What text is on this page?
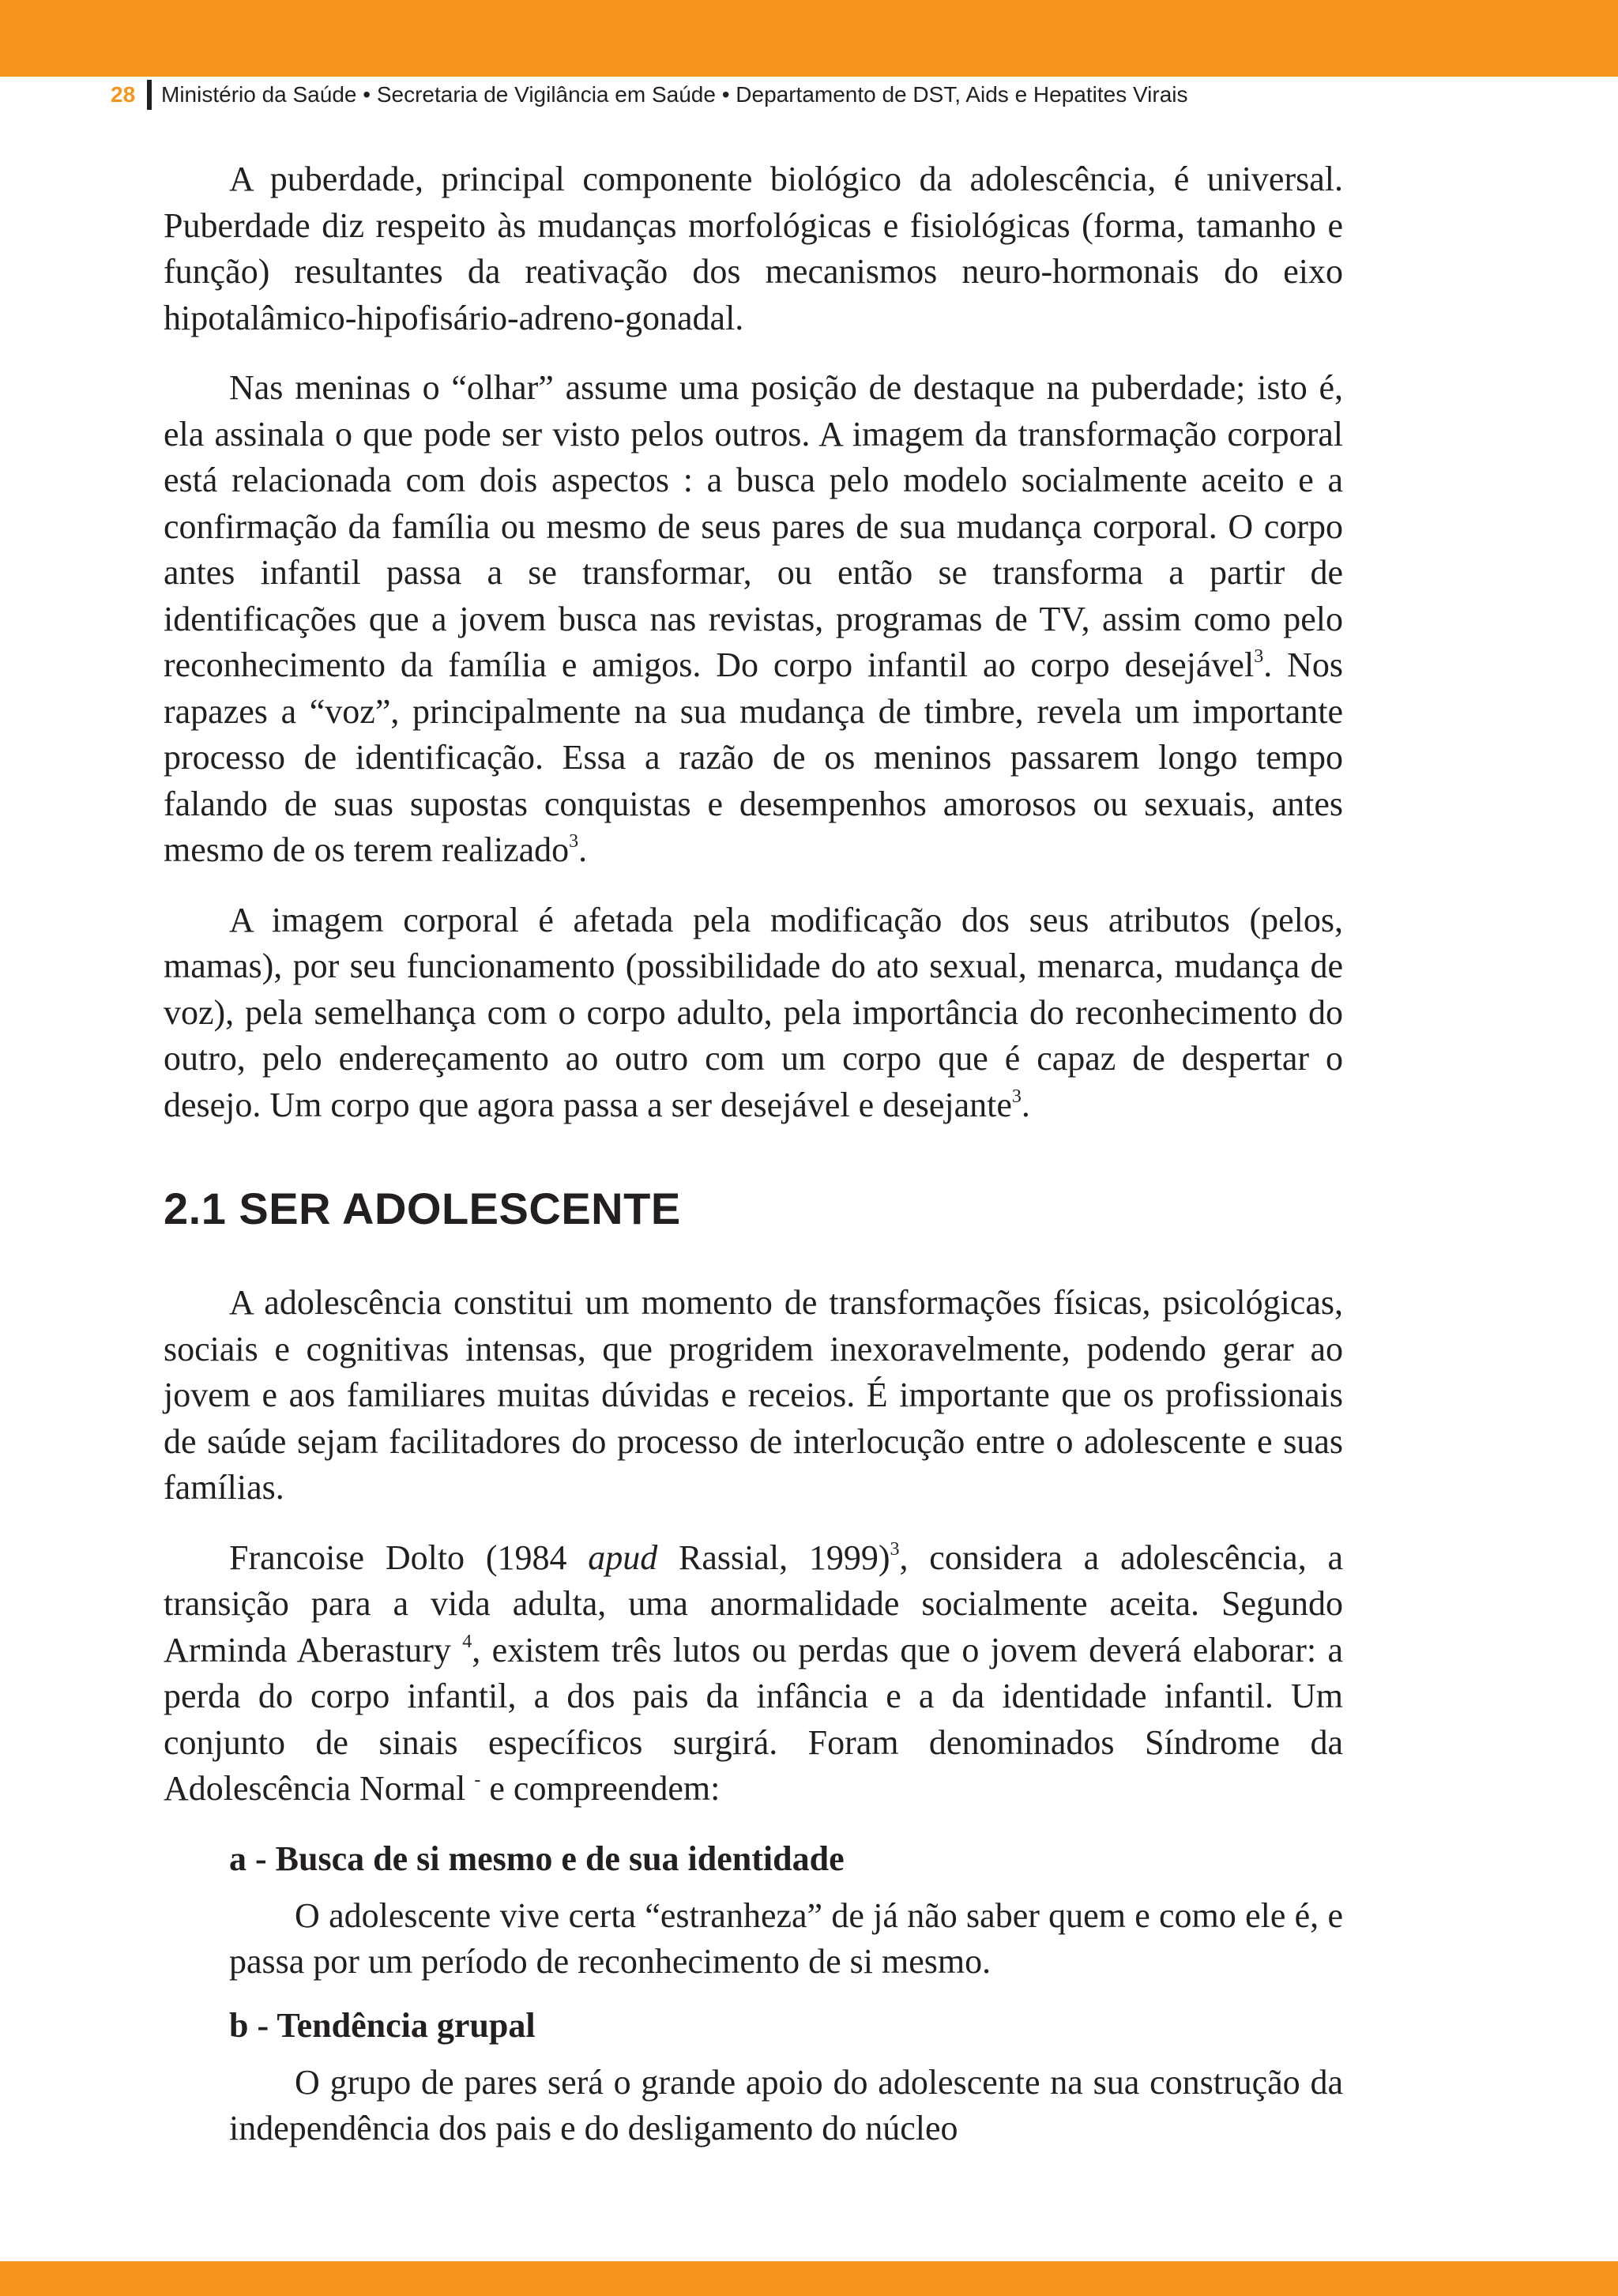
28	Ministério da Saúde • Secretaria de Vigilância em Saúde • Departamento de DST, Aids e Hepatites Virais

A puberdade, principal componente biológico da adolescência, é universal. Puberdade diz respeito às mudanças morfológicas e fisiológicas (forma, tamanho e função) resultantes da reativação dos mecanismos neuro-hormonais do eixo hipotalâmico-hipofisário-adreno-gonadal.

Nas meninas o “olhar” assume uma posição de destaque na puberdade; isto é, ela assinala o que pode ser visto pelos outros. A imagem da transformação corporal está relacionada com dois aspectos : a busca pelo modelo socialmente aceito e a confirmação da família ou mesmo de seus pares de sua mudança corporal. O corpo antes infantil passa a se transformar, ou então se transforma a partir de identificações que a jovem busca nas revistas, programas de TV, assim como pelo reconhecimento da família e amigos. Do corpo infantil ao corpo desejável$^3$. Nos rapazes a “voz”, principalmente na sua mudança de timbre, revela um importante processo de identificação. Essa a razão de os meninos passarem longo tempo falando de suas supostas conquistas e desempenhos amorosos ou sexuais, antes mesmo de os terem realizado$^3$.

A imagem corporal é afetada pela modificação dos seus atributos (pelos, mamas), por seu funcionamento (possibilidade do ato sexual, menarca, mudança de voz), pela semelhança com o corpo adulto, pela importância do reconhecimento do outro, pelo endereçamento ao outro com um corpo que é capaz de despertar o desejo. Um corpo que agora passa a ser desejável e desejante$^3$.

2.1 SER ADOLESCENTE

A adolescência constitui um momento de transformações físicas, psicológicas, sociais e cognitivas intensas, que progridem inexoravelmente, podendo gerar ao jovem e aos familiares muitas dúvidas e receios. É importante que os profissionais de saúde sejam facilitadores do processo de interlocução entre o adolescente e suas famílias.

Francoise Dolto (1984 apud Rassial, 1999)$^3$, considera a adolescência, a transição para a vida adulta, uma anormalidade socialmente aceita. Segundo Arminda Aberastury $^4$, existem três lutos ou perdas que o jovem deverá elaborar: a perda do corpo infantil, a dos pais da infância e a da identidade infantil. Um conjunto de sinais específicos surgirá. Foram denominados Síndrome da Adolescência Normal - e compreendem:

a - Busca de si mesmo e de sua identidade

O adolescente vive certa “estranheza” de já não saber quem e como ele é, e passa por um período de reconhecimento de si mesmo.

b - Tendência grupal

O grupo de pares será o grande apoio do adolescente na sua construção da independência dos pais e do desligamento do núcleo
